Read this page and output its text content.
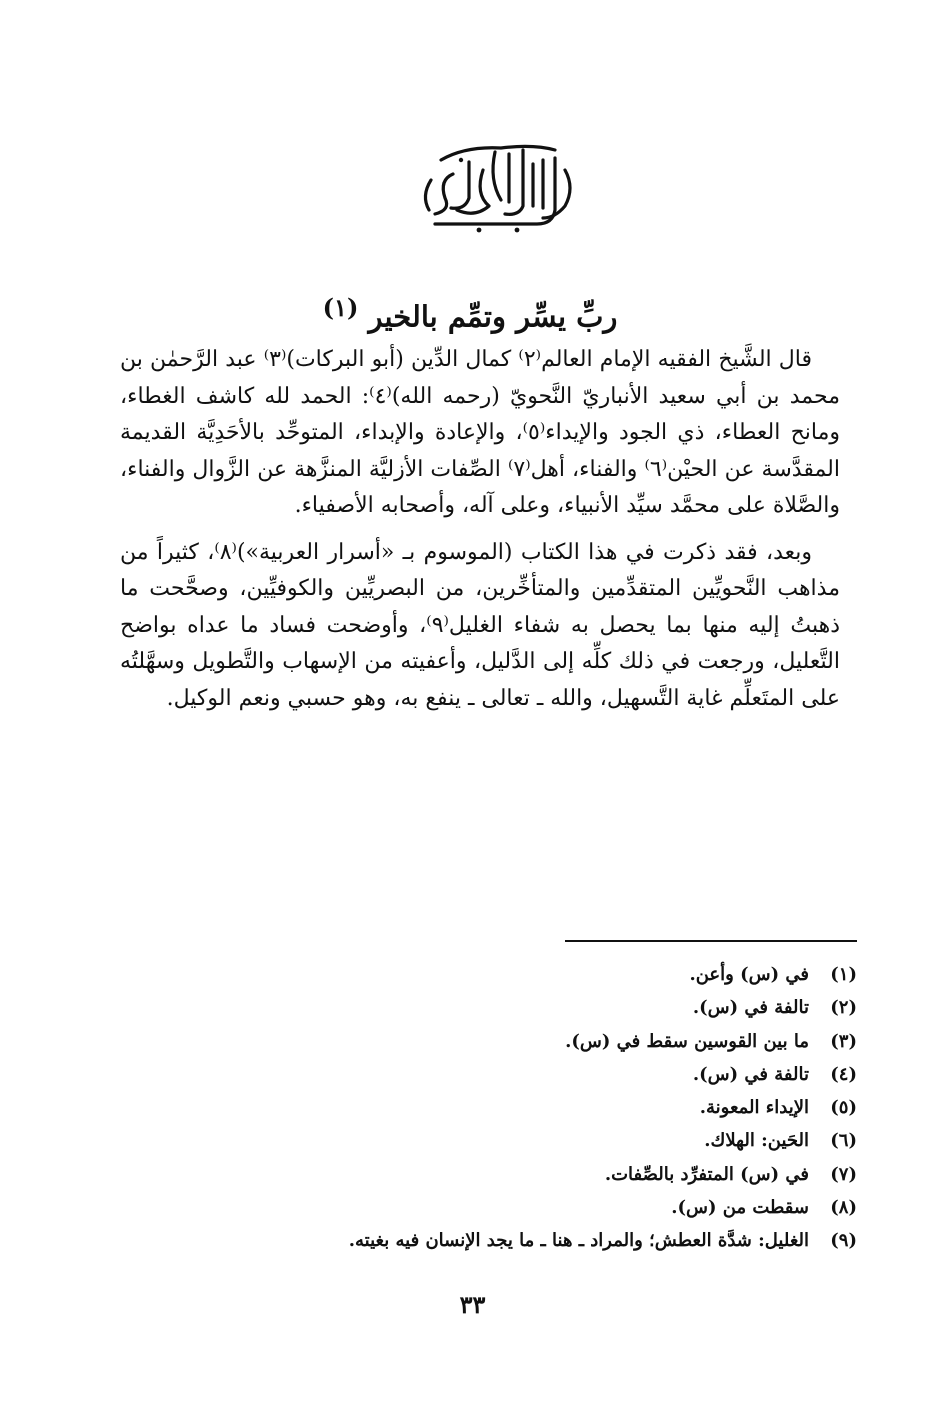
ربِّ يسِّر وتمِّم بالخير $^{(١)}$

قال الشَّيخ الفقيه الإمام العالم⁽٢⁾ كمال الدِّين (أبو البركات)⁽٣⁾ عبد الرَّحمٰن بن محمد بن أبي سعيد الأنباريّ النَّحويّ (رحمه الله)⁽٤⁾: الحمد لله كاشف الغطاء، ومانح العطاء، ذي الجود والإيداء⁽٥⁾، والإعادة والإبداء، المتوحِّد بالأحَدِيَّة القديمة المقدَّسة عن الحيْن⁽٦⁾ والفناء، أهل⁽٧⁾ الصِّفات الأزليَّة المنزَّهة عن الزَّوال والفناء، والصَّلاة على محمَّد سيِّد الأنبياء، وعلى آله، وأصحابه الأصفياء.

وبعد، فقد ذكرت في هذا الكتاب (الموسوم بـ «أسرار العربية»)⁽٨⁾، كثيراً من مذاهب النَّحويِّين المتقدِّمين والمتأخِّرين، من البصريِّين والكوفيِّين، وصحَّحت ما ذهبتُ إليه منها بما يحصل به شفاء الغليل⁽٩⁾، وأوضحت فساد ما عداه بواضح التَّعليل، ورجعت في ذلك كلِّه إلى الدَّليل، وأعفيته من الإسهاب والتَّطويل وسهَّلتُه على المتَعلِّم غاية التَّسهيل، والله ـ تعالى ـ ينفع به، وهو حسبي ونعم الوكيل.

(١)
في (س) وأعن.
(٢)
تالفة في (س).
(٣)
ما بين القوسين سقط في (س).
(٤)
تالفة في (س).
(٥)
الإيداء المعونة.
(٦)
الحَين: الهلاك.
(٧)
في (س) المتفرِّد بالصِّفات.
(٨)
سقطت من (س).
(٩)
الغليل: شدَّة العطش؛ والمراد ـ هنا ـ ما يجد الإنسان فيه بغيته.
٣٣
